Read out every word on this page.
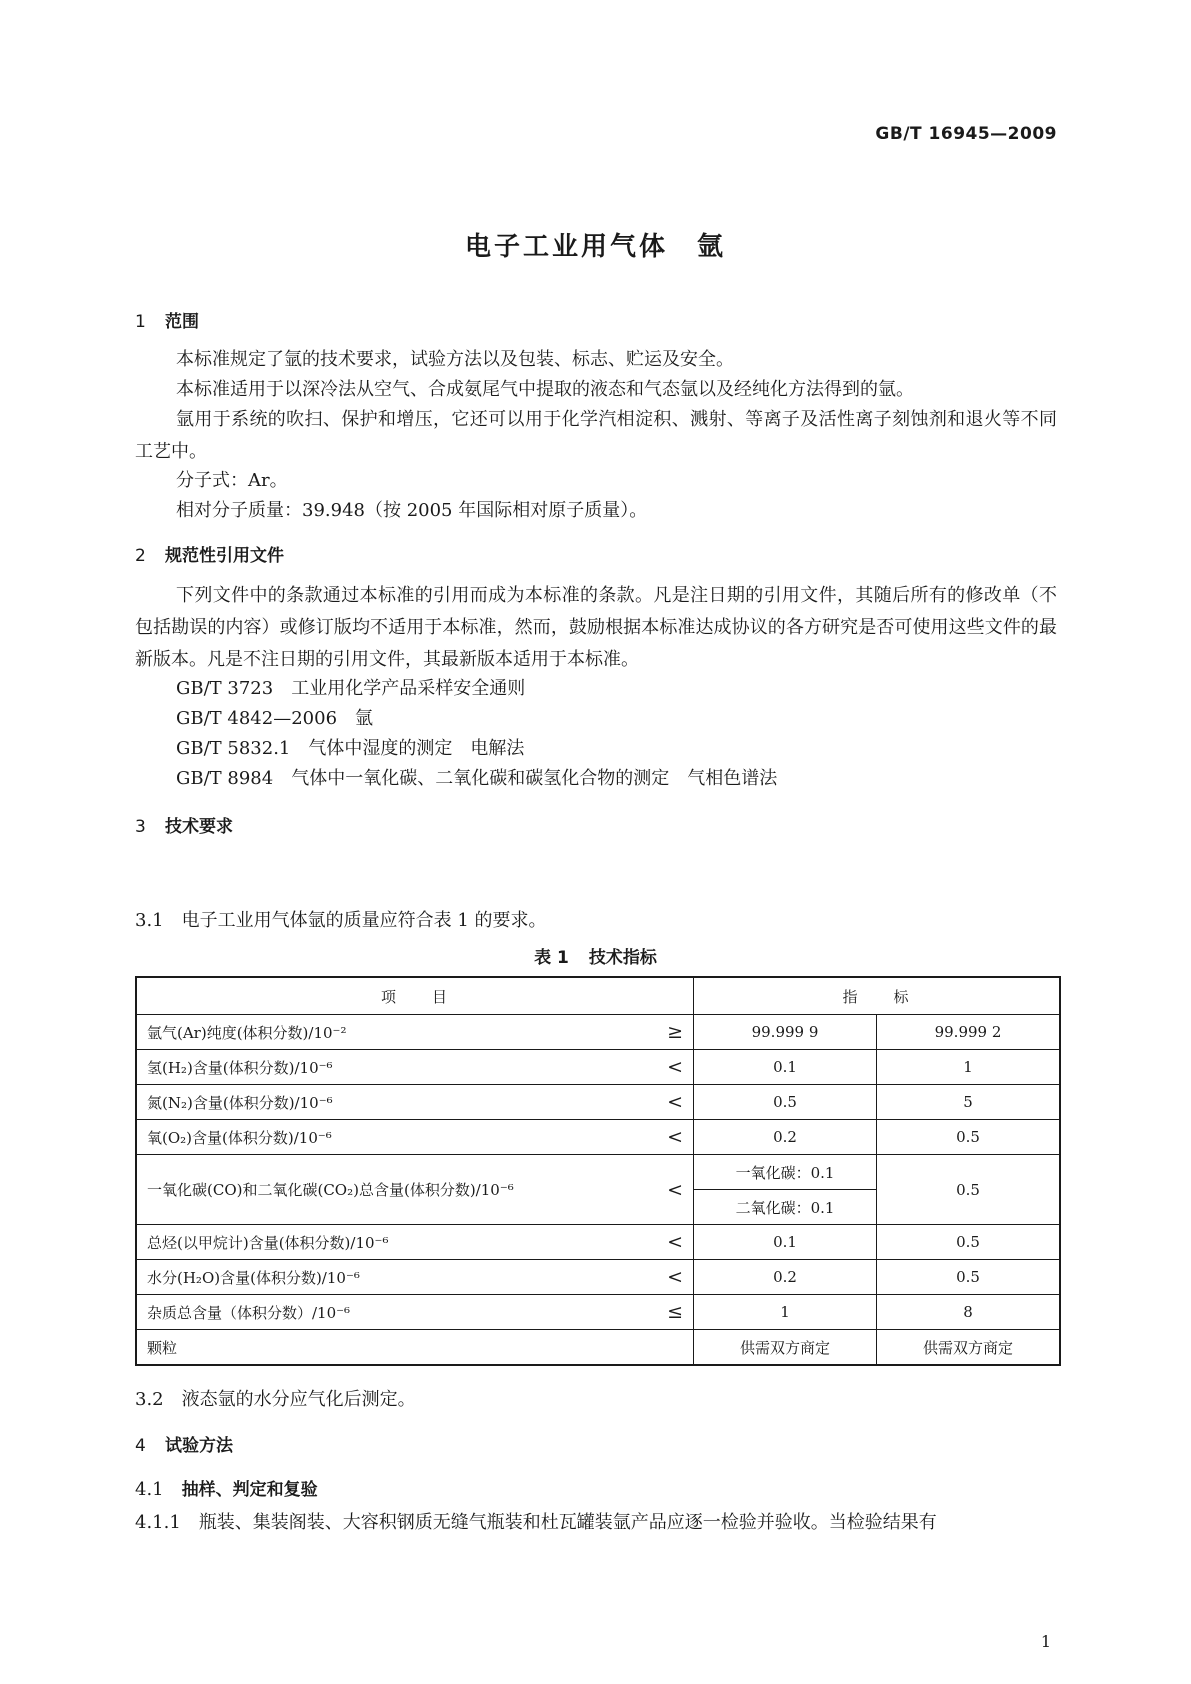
GB/T 16945—2009
电子工业用气体　氩
1 范围
本标准规定了氩的技术要求，试验方法以及包装、标志、贮运及安全。
本标准适用于以深冷法从空气、合成氨尾气中提取的液态和气态氩以及经纯化方法得到的氩。
氩用于系统的吹扫、保护和增压，它还可以用于化学汽相淀积、溅射、等离子及活性离子刻蚀剂和退火等不同工艺中。
分子式：Ar。
相对分子质量：39.948（按 2005 年国际相对原子质量）。
2 规范性引用文件
下列文件中的条款通过本标准的引用而成为本标准的条款。凡是注日期的引用文件，其随后所有的修改单（不包括勘误的内容）或修订版均不适用于本标准，然而，鼓励根据本标准达成协议的各方研究是否可使用这些文件的最新版本。凡是不注日期的引用文件，其最新版本适用于本标准。
GB/T 3723 工业用化学产品采样安全通则
GB/T 4842—2006 氩
GB/T 5832.1 气体中湿度的测定　电解法
GB/T 8984 气体中一氧化碳、二氧化碳和碳氢化合物的测定　气相色谱法
3 技术要求
3.1 电子工业用气体氩的质量应符合表 1 的要求。
表 1 技术指标
项　　目		指　　标	
氩气(Ar)纯度(体积分数)/10⁻²	≥	99.999 9	99.999 2
氢(H₂)含量(体积分数)/10⁻⁶	<	0.1	1
氮(N₂)含量(体积分数)/10⁻⁶	<	0.5	5
氧(O₂)含量(体积分数)/10⁻⁶	<	0.2	0.5
一氧化碳(CO)和二氧化碳(CO₂)总含量(体积分数)/10⁻⁶	<	一氧化碳：0.1	0.5
		二氧化碳：0.1	
总烃(以甲烷计)含量(体积分数)/10⁻⁶	<	0.1	0.5
水分(H₂O)含量(体积分数)/10⁻⁶	<	0.2	0.5
杂质总含量（体积分数）/10⁻⁶	≤	1	8
颗粒		供需双方商定	供需双方商定
3.2 液态氩的水分应气化后测定。
4 试验方法
4.1 抽样、判定和复验
4.1.1 瓶装、集装阁装、大容积钢质无缝气瓶装和杜瓦罐装氩产品应逐一检验并验收。当检验结果有
1
